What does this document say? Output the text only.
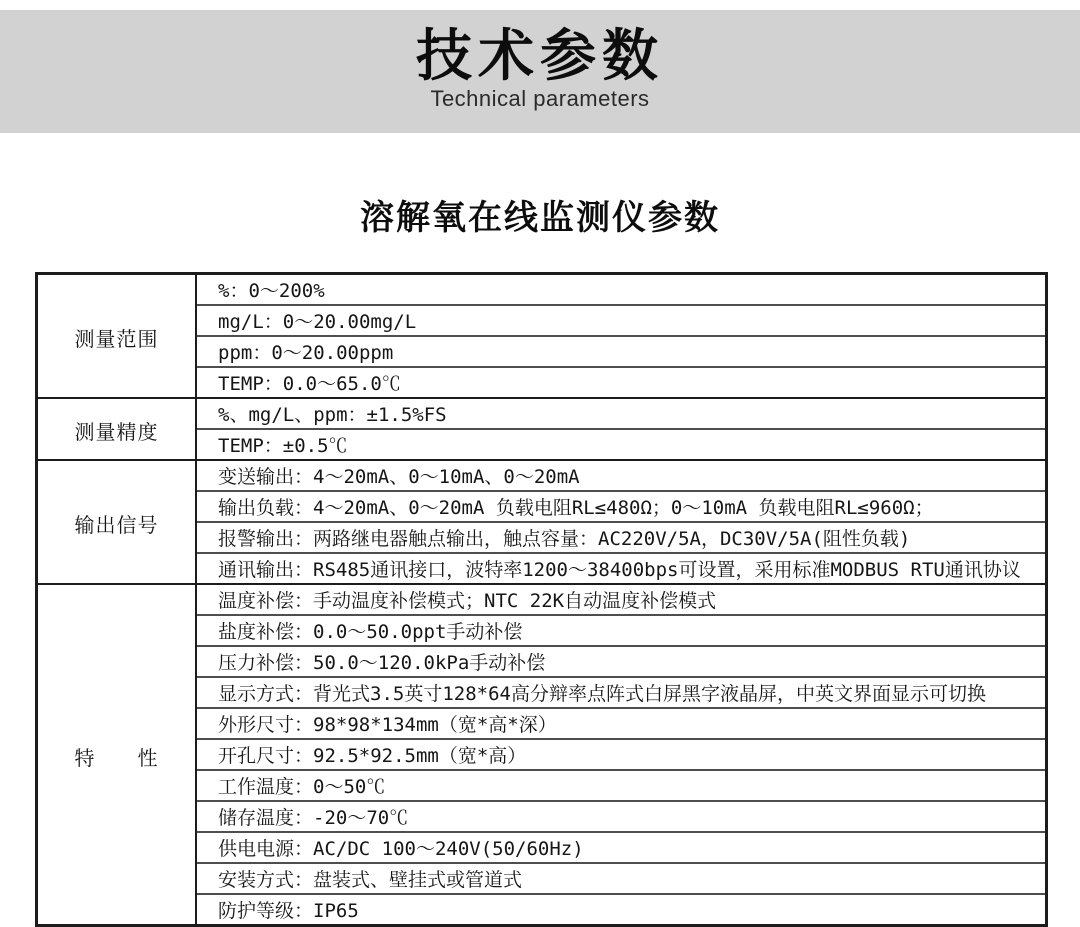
技术参数

Technical parameters

溶解氧在线监测仪参数
测量范围	%：0～200%
	mg/L：0～20.00mg/L
	ppm：0～20.00ppm
	TEMP：0.0～65.0℃
测量精度	%、mg/L、ppm：±1.5%FS
	TEMP：±0.5℃
输出信号	变送输出：4～20mA、0～10mA、0～20mA
	输出负载：4～20mA、0～20mA 负载电阻RL≤480Ω；0～10mA 负载电阻RL≤960Ω；
	报警输出：两路继电器触点输出，触点容量：AC220V/5A，DC30V/5A(阻性负载)
	通讯输出：RS485通讯接口，波特率1200～38400bps可设置，采用标准MODBUS RTU通讯协议
特　　性	温度补偿：手动温度补偿模式；NTC 22K自动温度补偿模式
	盐度补偿：0.0～50.0ppt手动补偿
	压力补偿：50.0～120.0kPa手动补偿
	显示方式：背光式3.5英寸128*64高分辩率点阵式白屏黑字液晶屏，中英文界面显示可切换
	外形尺寸：98*98*134mm（宽*高*深）
	开孔尺寸：92.5*92.5mm（宽*高）
	工作温度：0～50℃
	储存温度：-20～70℃
	供电电源：AC/DC 100～240V(50/60Hz)
	安装方式：盘装式、壁挂式或管道式
	防护等级：IP65
